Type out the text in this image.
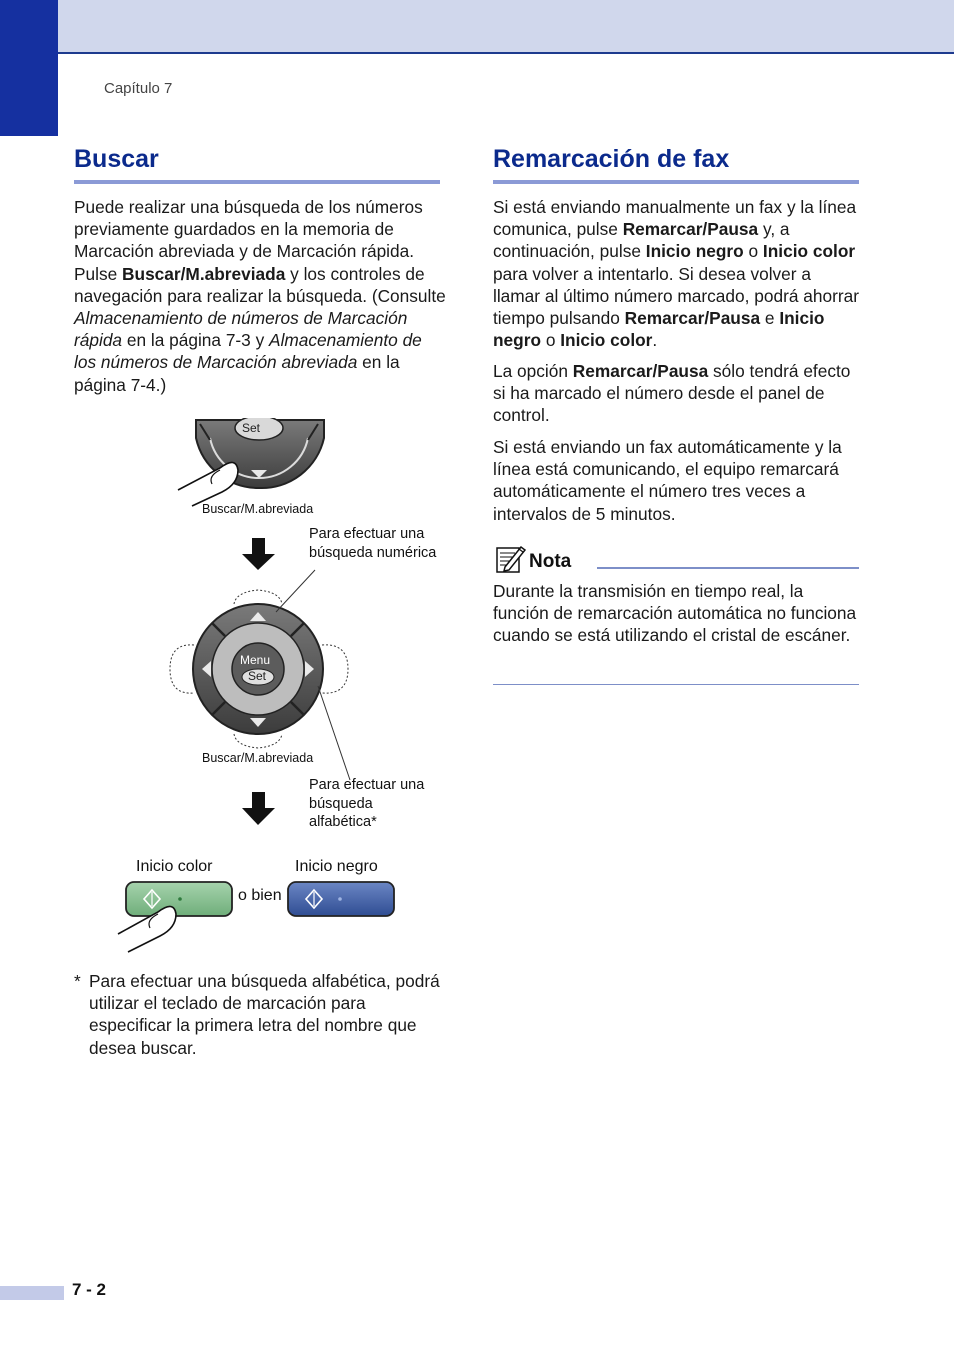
Capítulo 7
Buscar

Puede realizar una búsqueda de los números previamente guardados en la memoria de Marcación abreviada y de Marcación rápida. Pulse Buscar/M.abreviada y los controles de navegación para realizar la búsqueda. (Consulte Almacenamiento de números de Marcación rápida en la página 7-3 y Almacenamiento de los números de Marcación abreviada en la página 7-4.)

Set
Buscar/M.abreviada
Para efectuar una búsqueda numérica
Menu
Set
Buscar/M.abreviada
Para efectuar una búsqueda alfabética*
Inicio color	Inicio negro
o bien
* Para efectuar una búsqueda alfabética, podrá utilizar el teclado de marcación para especificar la primera letra del nombre que desea buscar.
Remarcación de fax

Si está enviando manualmente un fax y la línea comunica, pulse Remarcar/Pausa y, a continuación, pulse Inicio negro o Inicio color para volver a intentarlo. Si desea volver a llamar al último número marcado, podrá ahorrar tiempo pulsando Remarcar/Pausa e Inicio negro o Inicio color.

La opción Remarcar/Pausa sólo tendrá efecto si ha marcado el número desde el panel de control.

Si está enviando un fax automáticamente y la línea está comunicando, el equipo remarcará automáticamente el número tres veces a intervalos de 5 minutos.

Nota

Durante la transmisión en tiempo real, la función de remarcación automática no funciona cuando se está utilizando el cristal de escáner.

7 - 2
